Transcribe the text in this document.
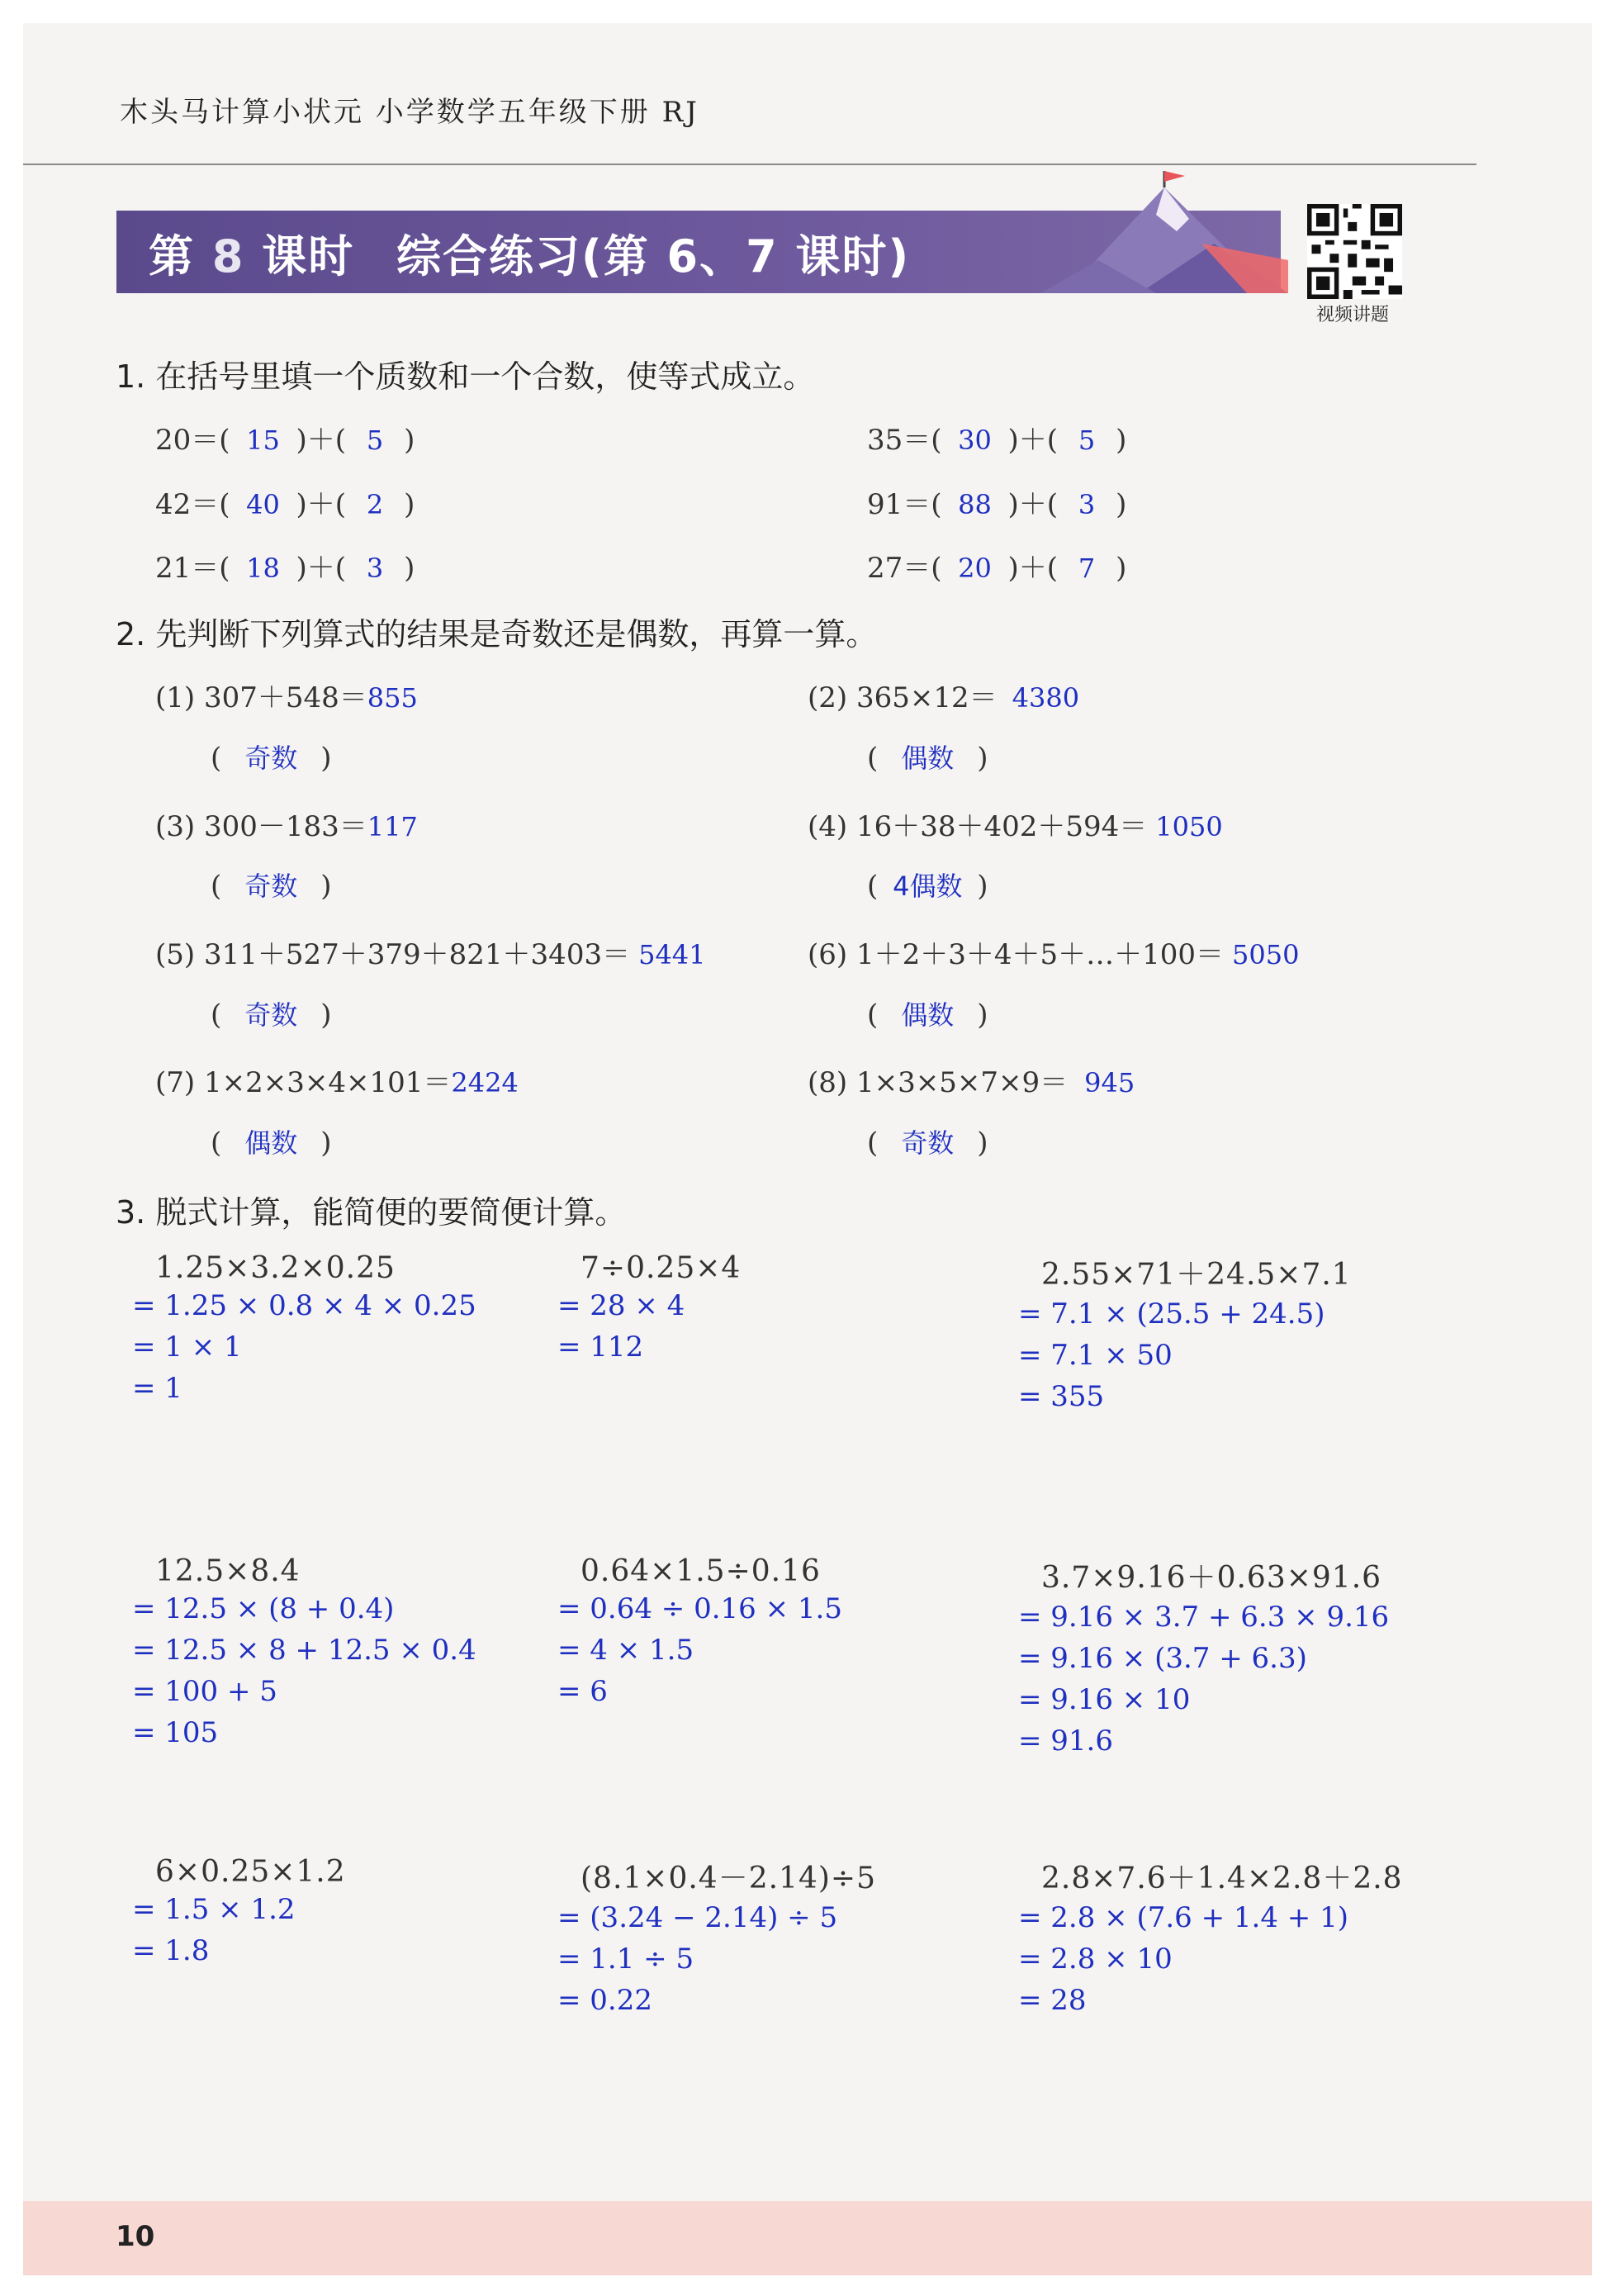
木头马计算小状元 小学数学五年级下册 RJ
第 8 课时 综合练习(第 6、7 课时)
视频讲题
1. 在括号里填一个质数和一个合数，使等式成立。
20＝( 15 )＋( 5 )	35＝( 30 )＋( 5 )
42＝( 40 )＋( 2 )	91＝( 88 )＋( 3 )
21＝( 18 )＋( 3 )	27＝( 20 )＋( 7 )
2. 先判断下列算式的结果是奇数还是偶数，再算一算。
(1) 307＋548＝855
( 奇数 )
(2) 365×12＝ 4380
( 偶数 )
(3) 300－183＝117
( 奇数 )
(4) 16＋38＋402＋594＝ 1050
( 4偶数 )
(5) 311＋527＋379＋821＋3403＝ 5441
( 奇数 )
(6) 1＋2＋3＋4＋5＋…＋100＝ 5050
( 偶数 )
(7) 1×2×3×4×101＝2424
( 偶数 )
(8) 1×3×5×7×9＝ 945
( 奇数 )
3. 脱式计算，能简便的要简便计算。
1.25×3.2×0.25
= 1.25 × 0.8 × 4 × 0.25
= 1 × 1
= 1
7÷0.25×4
= 28 × 4
= 112
2.55×71＋24.5×7.1
= 7.1 × (25.5 + 24.5)
= 7.1 × 50
= 355
12.5×8.4
= 12.5 × (8 + 0.4)
= 12.5 × 8 + 12.5 × 0.4
= 100 + 5
= 105
0.64×1.5÷0.16
= 0.64 ÷ 0.16 × 1.5
= 4 × 1.5
= 6
3.7×9.16＋0.63×91.6
= 9.16 × 3.7 + 6.3 × 9.16
= 9.16 × (3.7 + 6.3)
= 9.16 × 10
= 91.6
6×0.25×1.2
= 1.5 × 1.2
= 1.8
(8.1×0.4－2.14)÷5
= (3.24 − 2.14) ÷ 5
= 1.1 ÷ 5
= 0.22
2.8×7.6＋1.4×2.8＋2.8
= 2.8 × (7.6 + 1.4 + 1)
= 2.8 × 10
= 28
10
